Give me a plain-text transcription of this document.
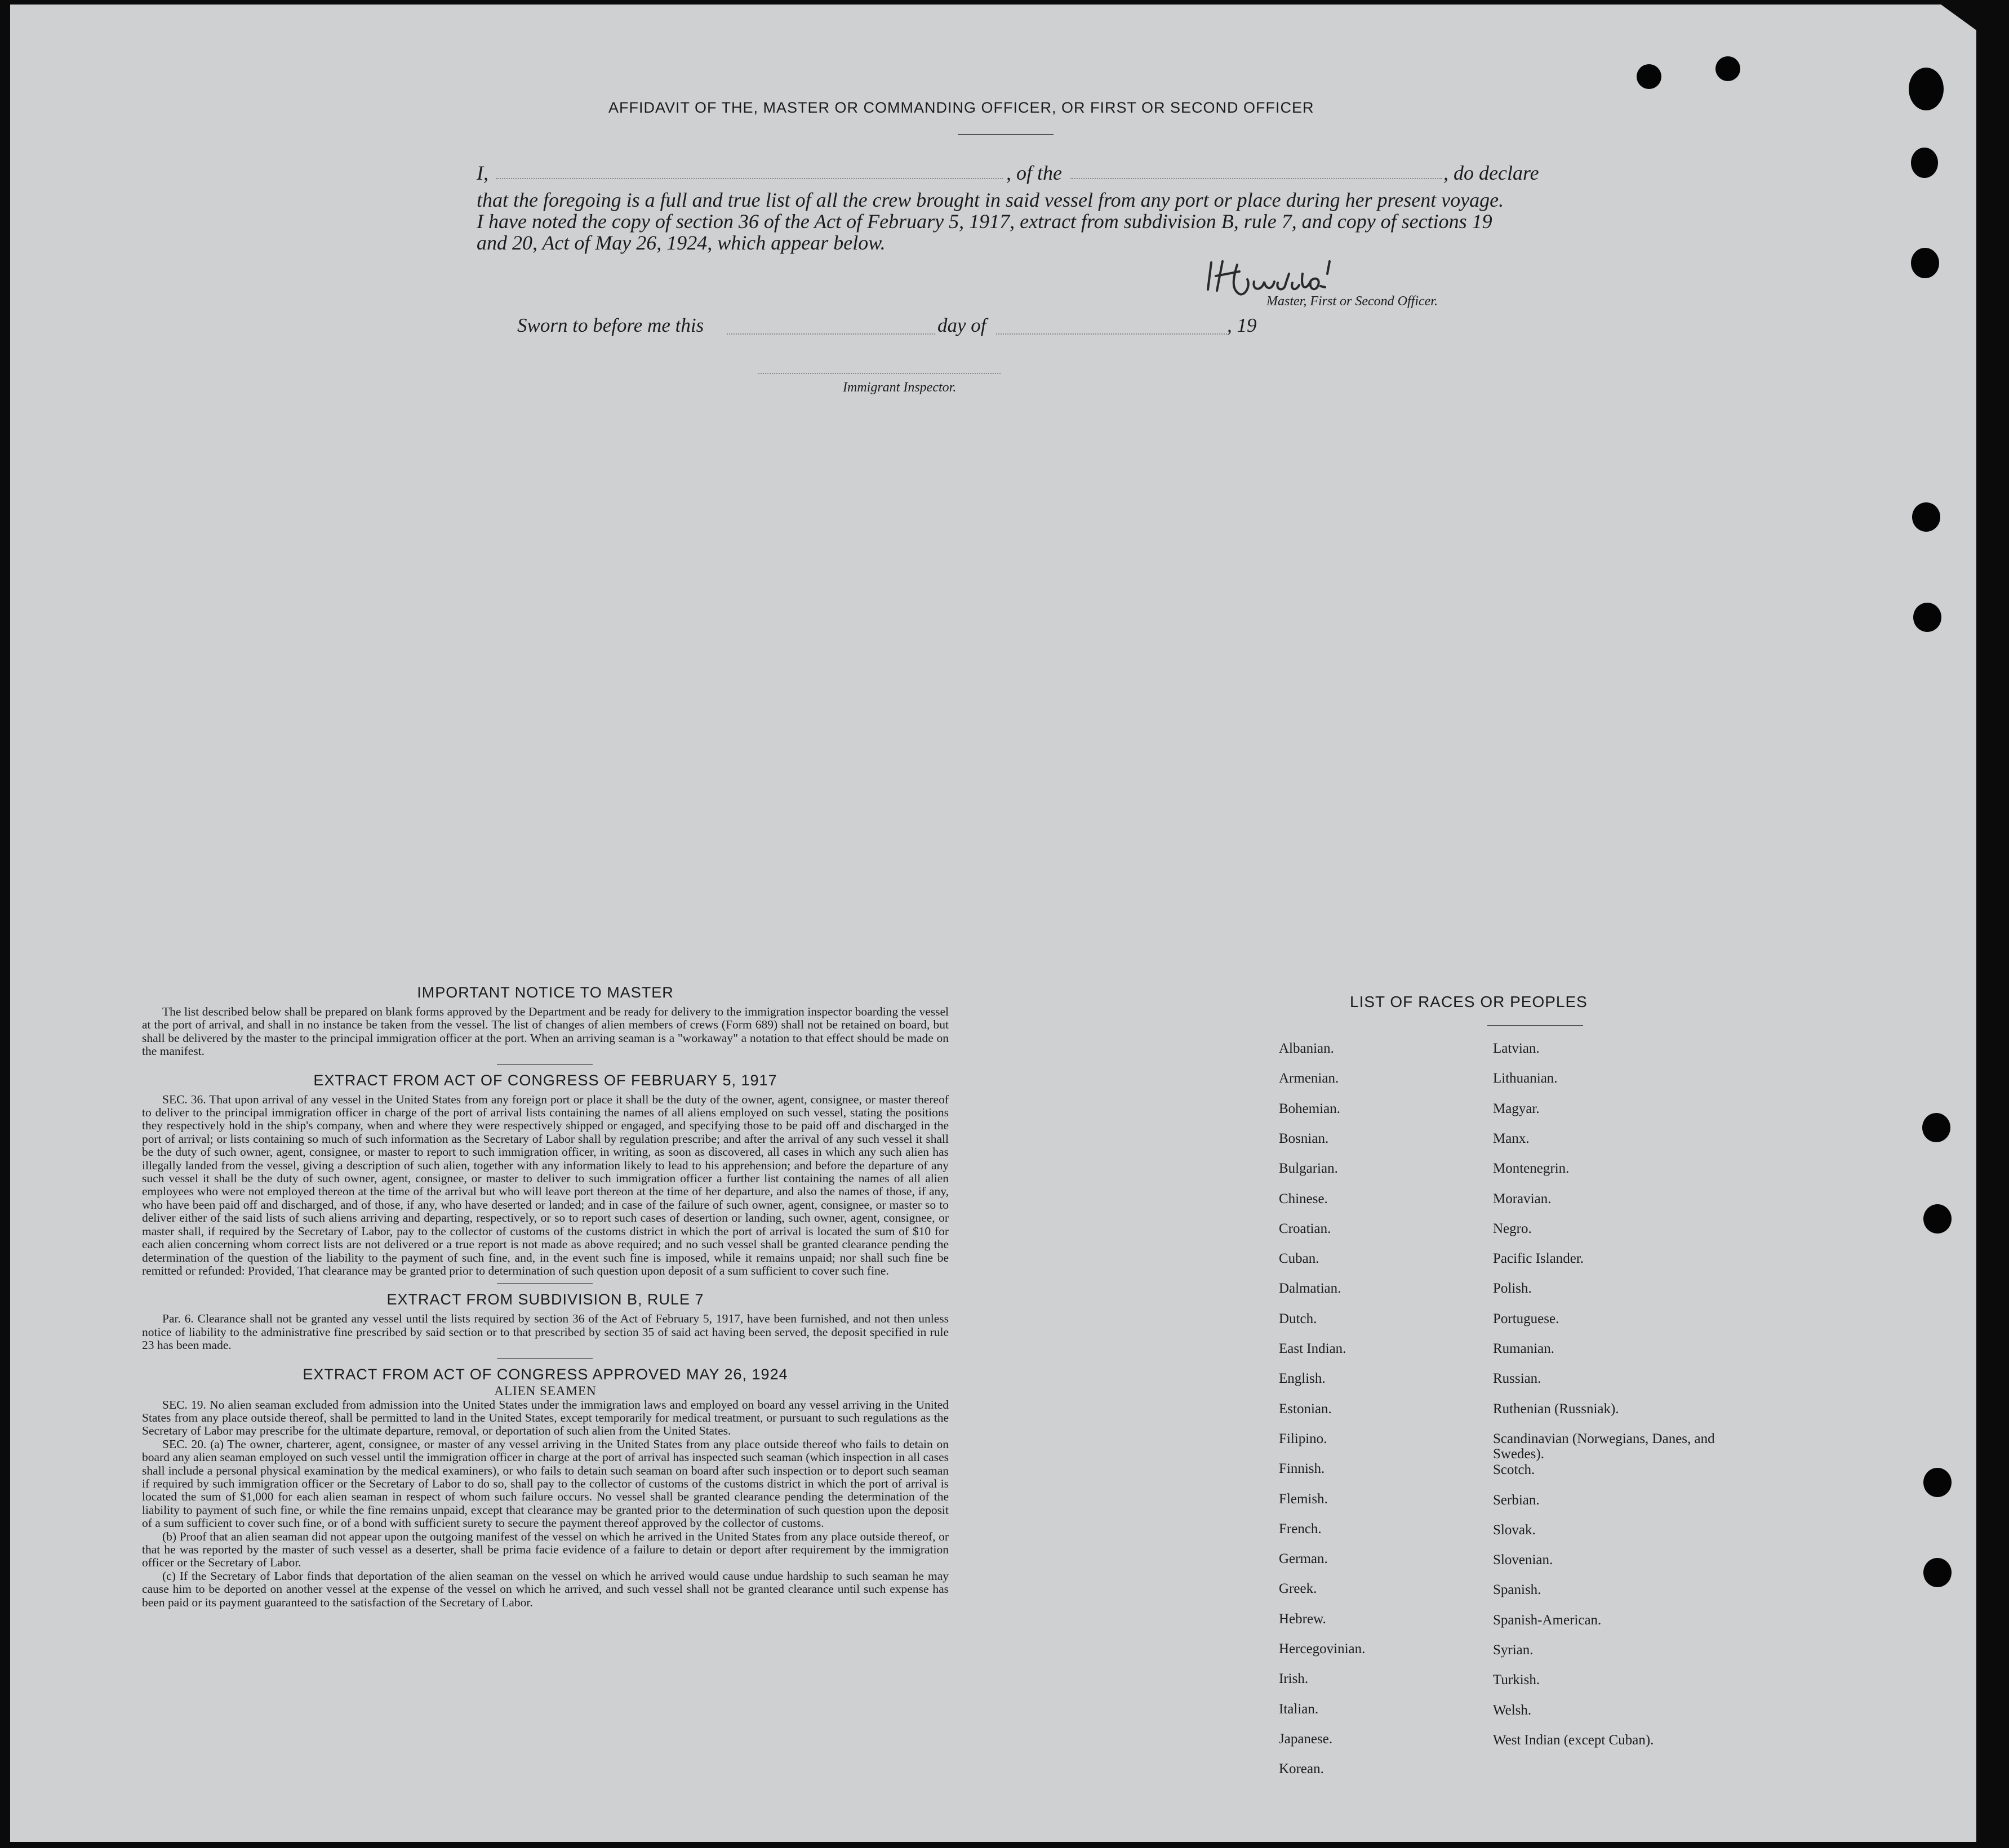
AFFIDAVIT OF THE, MASTER OR COMMANDING OFFICER, OR FIRST OR SECOND OFFICER
I,	, of the	, do declare
that the foregoing is a full and true list of all the crew brought in said vessel from any port or place during her present voyage.
I have noted the copy of section 36 of the Act of February 5, 1917, extract from subdivision B, rule 7, and copy of sections 19
and 20, Act of May 26, 1924, which appear below.
Master, First or Second Officer.
Sworn to before me this	day of	, 19
Immigrant Inspector.
IMPORTANT NOTICE TO MASTER

The list described below shall be prepared on blank forms approved by the Department and be ready for delivery to the immigration inspector boarding the vessel at the port of arrival, and shall in no instance be taken from the vessel. The list of changes of alien members of crews (Form 689) shall not be retained on board, but shall be delivered by the master to the principal immigration officer at the port. When an arriving seaman is a "workaway" a notation to that effect should be made on the manifest.

EXTRACT FROM ACT OF CONGRESS OF FEBRUARY 5, 1917

SEC. 36. That upon arrival of any vessel in the United States from any foreign port or place it shall be the duty of the owner, agent, consignee, or master thereof to deliver to the principal immigration officer in charge of the port of arrival lists containing the names of all aliens employed on such vessel, stating the positions they respectively hold in the ship's company, when and where they were respectively shipped or engaged, and specifying those to be paid off and discharged in the port of arrival; or lists containing so much of such information as the Secretary of Labor shall by regulation prescribe; and after the arrival of any such vessel it shall be the duty of such owner, agent, consignee, or master to report to such immigration officer, in writing, as soon as discovered, all cases in which any such alien has illegally landed from the vessel, giving a description of such alien, together with any information likely to lead to his apprehension; and before the departure of any such vessel it shall be the duty of such owner, agent, consignee, or master to deliver to such immigration officer a further list containing the names of all alien employees who were not employed thereon at the time of the arrival but who will leave port thereon at the time of her departure, and also the names of those, if any, who have been paid off and discharged, and of those, if any, who have deserted or landed; and in case of the failure of such owner, agent, consignee, or master so to deliver either of the said lists of such aliens arriving and departing, respectively, or so to report such cases of desertion or landing, such owner, agent, consignee, or master shall, if required by the Secretary of Labor, pay to the collector of customs of the customs district in which the port of arrival is located the sum of $10 for each alien concerning whom correct lists are not delivered or a true report is not made as above required; and no such vessel shall be granted clearance pending the determination of the question of the liability to the payment of such fine, and, in the event such fine is imposed, while it remains unpaid; nor shall such fine be remitted or refunded: Provided, That clearance may be granted prior to determination of such question upon deposit of a sum sufficient to cover such fine.

EXTRACT FROM SUBDIVISION B, RULE 7

Par. 6. Clearance shall not be granted any vessel until the lists required by section 36 of the Act of February 5, 1917, have been furnished, and not then unless notice of liability to the administrative fine prescribed by said section or to that prescribed by section 35 of said act having been served, the deposit specified in rule 23 has been made.

EXTRACT FROM ACT OF CONGRESS APPROVED MAY 26, 1924
ALIEN SEAMEN

SEC. 19. No alien seaman excluded from admission into the United States under the immigration laws and employed on board any vessel arriving in the United States from any place outside thereof, shall be permitted to land in the United States, except temporarily for medical treatment, or pursuant to such regulations as the Secretary of Labor may prescribe for the ultimate departure, removal, or deportation of such alien from the United States.

SEC. 20. (a) The owner, charterer, agent, consignee, or master of any vessel arriving in the United States from any place outside thereof who fails to detain on board any alien seaman employed on such vessel until the immigration officer in charge at the port of arrival has inspected such seaman (which inspection in all cases shall include a personal physical examination by the medical examiners), or who fails to detain such seaman on board after such inspection or to deport such seaman if required by such immigration officer or the Secretary of Labor to do so, shall pay to the collector of customs of the customs district in which the port of arrival is located the sum of $1,000 for each alien seaman in respect of whom such failure occurs. No vessel shall be granted clearance pending the determination of the liability to payment of such fine, or while the fine remains unpaid, except that clearance may be granted prior to the determination of such question upon the deposit of a sum sufficient to cover such fine, or of a bond with sufficient surety to secure the payment thereof approved by the collector of customs.

(b) Proof that an alien seaman did not appear upon the outgoing manifest of the vessel on which he arrived in the United States from any place outside thereof, or that he was reported by the master of such vessel as a deserter, shall be prima facie evidence of a failure to detain or deport after requirement by the immigration officer or the Secretary of Labor.

(c) If the Secretary of Labor finds that deportation of the alien seaman on the vessel on which he arrived would cause undue hardship to such seaman he may cause him to be deported on another vessel at the expense of the vessel on which he arrived, and such vessel shall not be granted clearance until such expense has been paid or its payment guaranteed to the satisfaction of the Secretary of Labor.

LIST OF RACES OR PEOPLES
Albanian.
Armenian.
Bohemian.
Bosnian.
Bulgarian.
Chinese.
Croatian.
Cuban.
Dalmatian.
Dutch.
East Indian.
English.
Estonian.
Filipino.
Finnish.
Flemish.
French.
German.
Greek.
Hebrew.
Hercegovinian.
Irish.
Italian.
Japanese.
Korean.
Latvian.
Lithuanian.
Magyar.
Manx.
Montenegrin.
Moravian.
Negro.
Pacific Islander.
Polish.
Portuguese.
Rumanian.
Russian.
Ruthenian (Russniak).
Scandinavian (Norwegians, Danes, and Swedes).
Scotch.
Serbian.
Slovak.
Slovenian.
Spanish.
Spanish-American.
Syrian.
Turkish.
Welsh.
West Indian (except Cuban).
